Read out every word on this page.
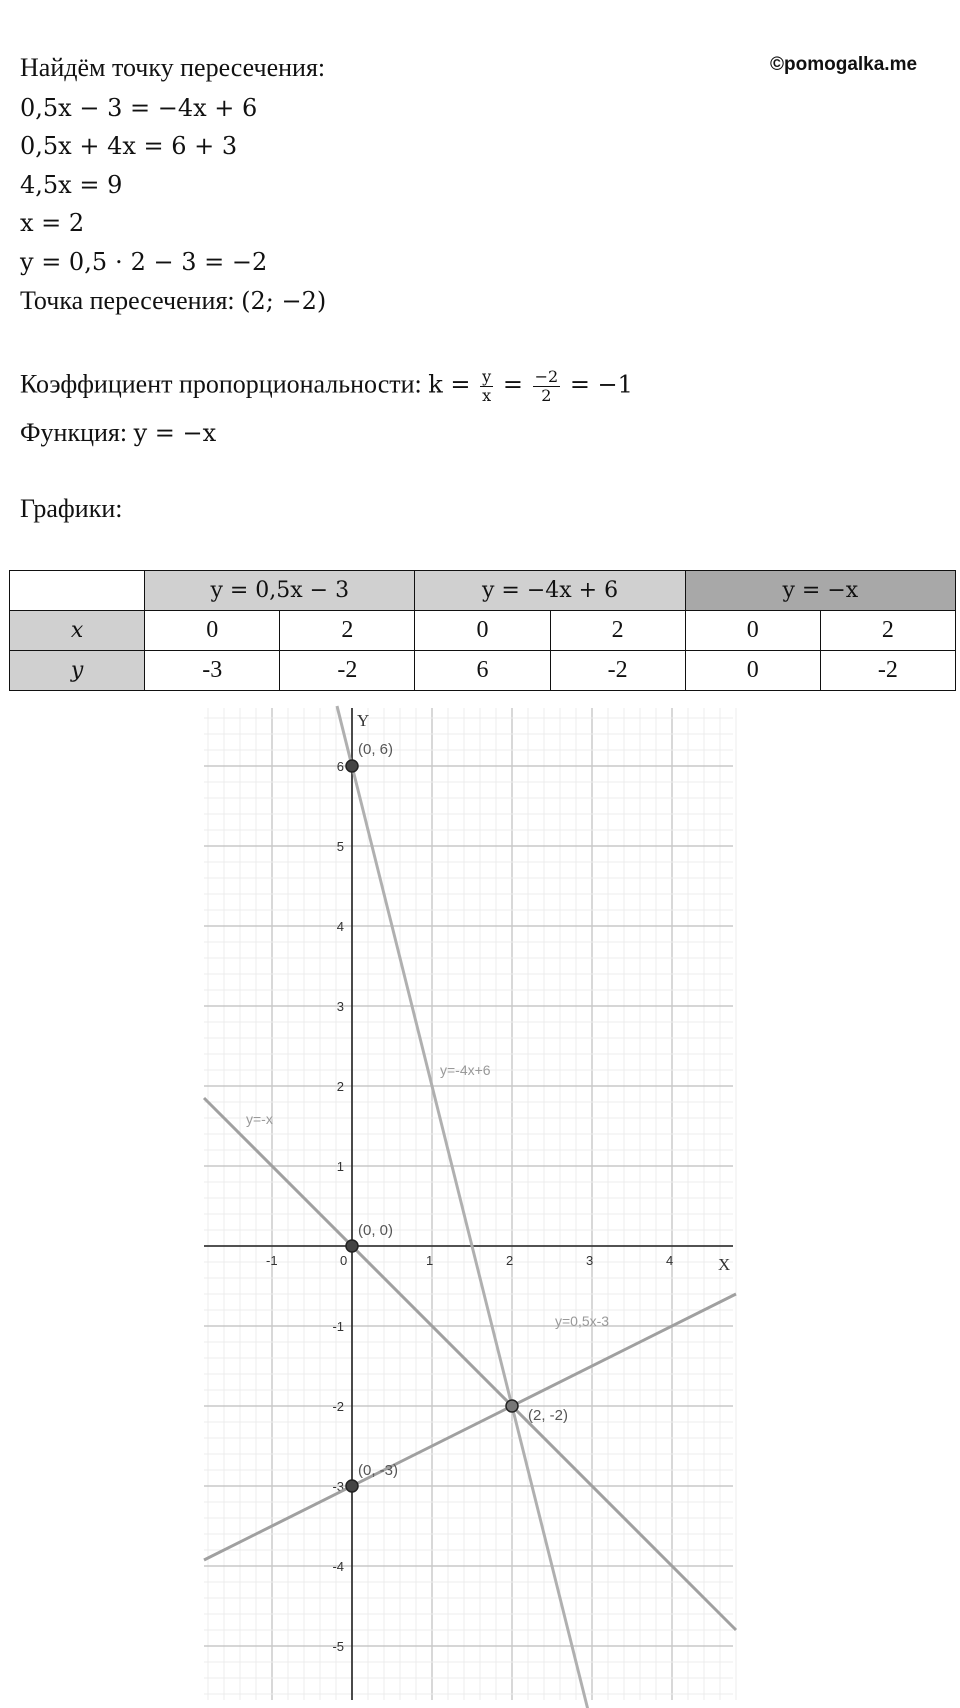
©pomogalka.me
Найдём точку пересечения:
0,5x − 3 = −4x + 6
0,5x + 4x = 6 + 3
4,5x = 9
x = 2
y = 0,5 ⋅ 2 − 3 = −2
Точка пересечения: (2; −2)
Коэффициент пропорциональности: $k = \frac{y}{x} = \frac{-2}{2} = -1$
Функция: y = −x
Графики:
	y = 0,5x − 3		y = −4x + 6		y = −x	
x	0	2	0	2	0	2
y	-3	-2	6	-2	0	-2
X
Y
-1	0	1	2	3	4
-5
-4
-3
-2
-1
1
2
3
4
5
6
y=0,5x-3
y=-4x+6
y=-x
(0, 6)
(0, 0)
(2, -2)
(0, -3)
